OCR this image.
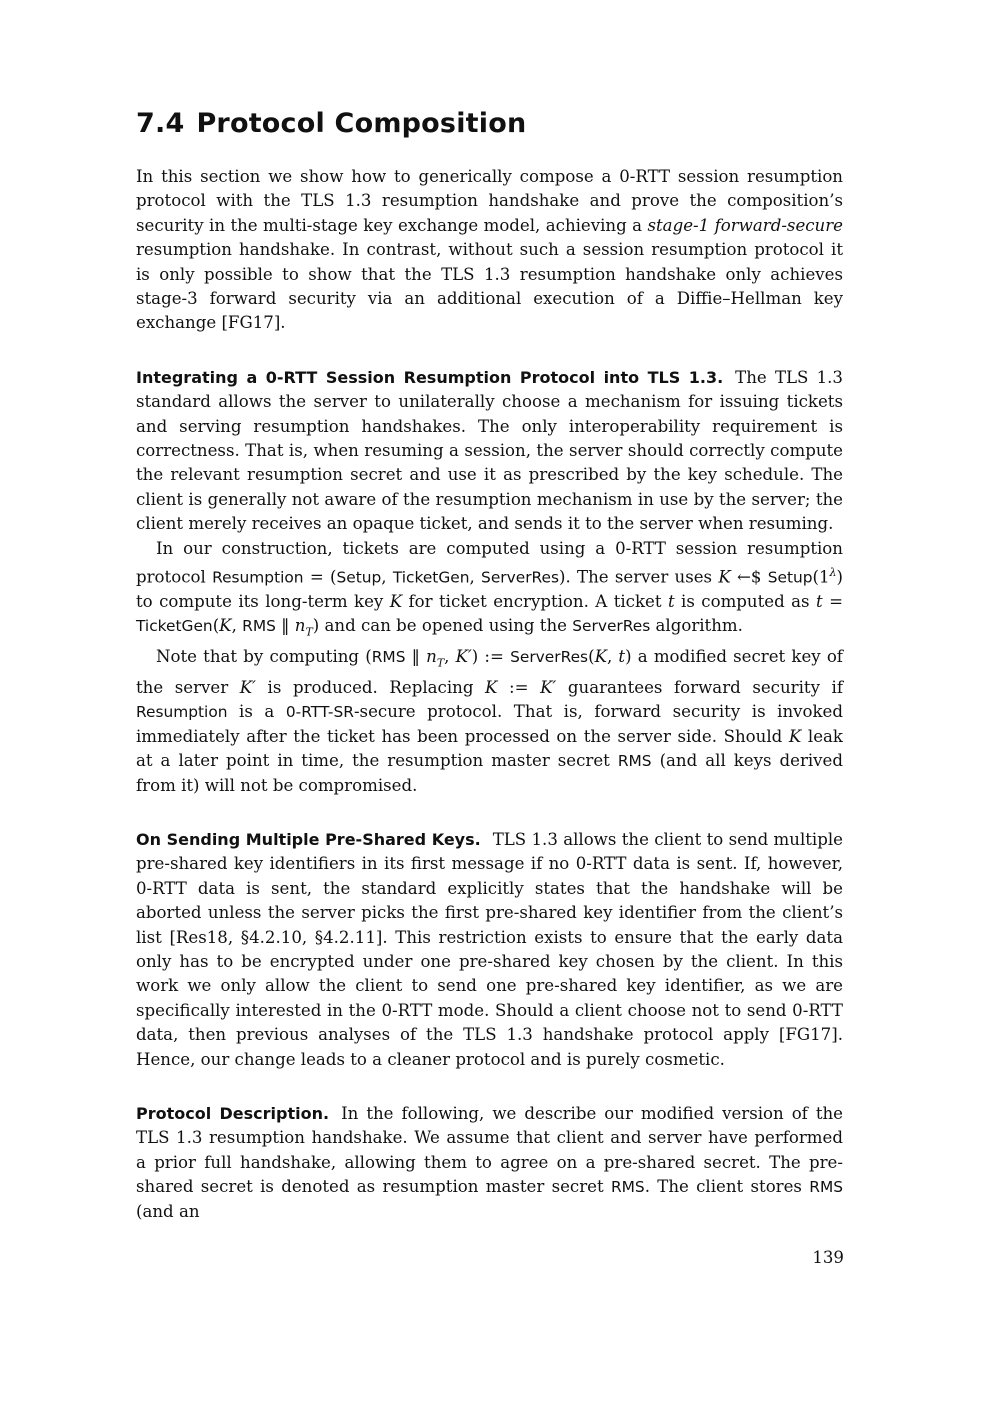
7.4 Protocol Composition

In this section we show how to generically compose a 0-RTT session resumption protocol with the TLS 1.3 resumption handshake and prove the composition’s security in the multi-stage key exchange model, achieving a stage-1 forward-secure resumption handshake. In contrast, without such a session resumption protocol it is only possible to show that the TLS 1.3 resumption handshake only achieves stage-3 forward security via an additional execution of a Diffie–Hellman key exchange [FG17].

Integrating a 0-RTT Session Resumption Protocol into TLS 1.3. The TLS 1.3 standard allows the server to unilaterally choose a mechanism for issuing tickets and serving resumption handshakes. The only interoperability requirement is correctness. That is, when resuming a session, the server should correctly compute the relevant resumption secret and use it as prescribed by the key schedule. The client is generally not aware of the resumption mechanism in use by the server; the client merely receives an opaque ticket, and sends it to the server when resuming.

In our construction, tickets are computed using a 0-RTT session resumption protocol Resumption = (Setup, TicketGen, ServerRes). The server uses K ←$ $Setup(1^\lambda)$ to compute its long-term key K for ticket encryption. A ticket t is computed as t = TicketGen(K, RMS ‖ $n_T$) and can be opened using the ServerRes algorithm.

Note that by computing (RMS ‖ $n_T$, K′) := ServerRes(K, t) a modified secret key of the server K′ is produced. Replacing K := K′ guarantees forward security if Resumption is a 0-RTT-SR-secure protocol. That is, forward security is invoked immediately after the ticket has been processed on the server side. Should K leak at a later point in time, the resumption master secret RMS (and all keys derived from it) will not be compromised.

On Sending Multiple Pre-Shared Keys. TLS 1.3 allows the client to send multiple pre-shared key identifiers in its first message if no 0-RTT data is sent. If, however, 0-RTT data is sent, the standard explicitly states that the handshake will be aborted unless the server picks the first pre-shared key identifier from the client’s list [Res18, §4.2.10, §4.2.11]. This restriction exists to ensure that the early data only has to be encrypted under one pre-shared key chosen by the client. In this work we only allow the client to send one pre-shared key identifier, as we are specifically interested in the 0-RTT mode. Should a client choose not to send 0-RTT data, then previous analyses of the TLS 1.3 handshake protocol apply [FG17]. Hence, our change leads to a cleaner protocol and is purely cosmetic.

Protocol Description. In the following, we describe our modified version of the TLS 1.3 resumption handshake. We assume that client and server have performed a prior full handshake, allowing them to agree on a pre-shared secret. The pre-shared secret is denoted as resumption master secret RMS. The client stores RMS (and an

139
